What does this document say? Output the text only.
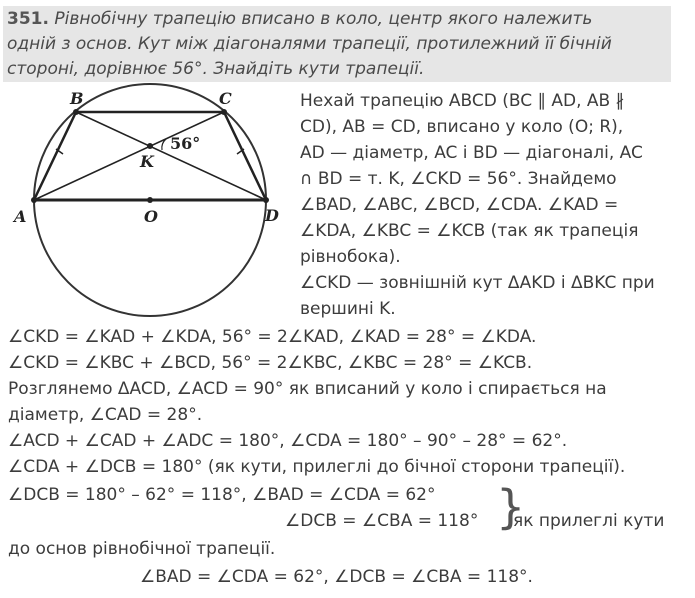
351. Рівнобічну трапецію вписано в коло, центр якого належить
одній з основ. Кут між діагоналями трапеції, протилежний її бічній
стороні, дорівнює 56°. Знайдіть кути трапеції.
A
B	C
D
O
K
56°
Нехай трапецію ABCD (BC ∥ AD, AB ∦
CD), AB = CD, вписано у коло (O; R),
AD — діаметр, AC і BD — діагоналі, AC
∩ BD = т. K, ∠CKD = 56°. Знайдемо
∠BAD, ∠ABC, ∠BCD, ∠CDA. ∠KAD =
∠KDA, ∠KBC = ∠KCB (так як трапеція
рівнобока).
∠CKD — зовнішній кут ΔAKD і ΔBKC при
вершині K.
∠CKD = ∠KAD + ∠KDA, 56° = 2∠KAD, ∠KAD = 28° = ∠KDA.
∠CKD = ∠KBC + ∠BCD, 56° = 2∠KBC, ∠KBC = 28° = ∠KCB.
Розглянемо ΔACD, ∠ACD = 90° як вписаний у коло і спирається на
діаметр, ∠CAD = 28°.
∠ACD + ∠CAD + ∠ADC = 180°, ∠CDA = 180° – 90° – 28° = 62°.
∠CDA + ∠DCB = 180° (як кути, прилеглі до бічної сторони трапеції).
∠DCB = 180° – 62° = 118°, ∠BAD = ∠CDA = 62°
∠DCB = ∠CBA = 118° }
як прилеглі кути
до основ рівнобічної трапеції.
∠BAD = ∠CDA = 62°, ∠DCB = ∠CBA = 118°.
